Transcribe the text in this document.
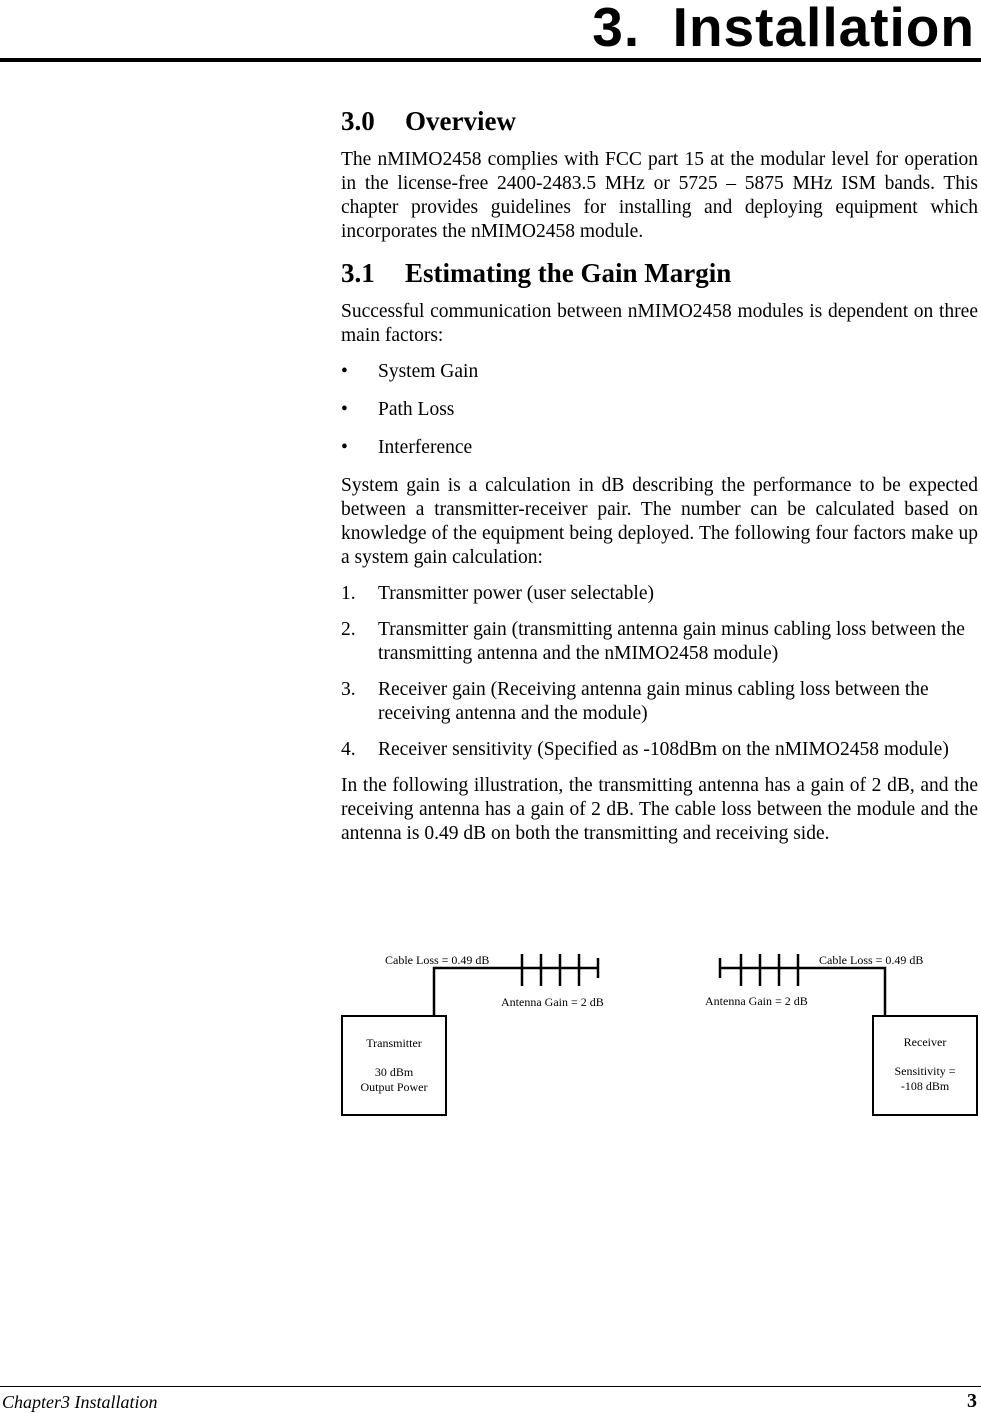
3.  Installation
3.0 Overview

The nMIMO2458 complies with FCC part 15 at the modular level for operation in the license-free 2400-2483.5 MHz or 5725 – 5875 MHz ISM bands. This chapter provides guidelines for installing and deploying equipment which incorporates the nMIMO2458 module.

3.1 Estimating the Gain Margin

Successful communication between nMIMO2458 modules is dependent on three main factors:

• System Gain
• Path Loss
• Interference

System gain is a calculation in dB describing the performance to be expected between a transmitter-receiver pair. The number can be calculated based on knowledge of the equipment being deployed. The following four factors make up a system gain calculation:

1. Transmitter power (user selectable)
2. Transmitter gain (transmitting antenna gain minus cabling loss between the transmitting antenna and the nMIMO2458 module)
3. Receiver gain (Receiving antenna gain minus cabling loss between the receiving antenna and the module)
4. Receiver sensitivity (Specified as -108dBm on the nMIMO2458 module)

In the following illustration, the transmitting antenna has a gain of 2 dB, and the receiving antenna has a gain of 2 dB. The cable loss between the module and the antenna is 0.49 dB on both the transmitting and receiving side.

Cable Loss = 0.49 dB
Antenna Gain = 2 dB
Cable Loss = 0.49 dB
Antenna Gain = 2 dB
Transmitter
30 dBm
Output Power
Receiver
Sensitivity =
-108 dBm
Chapter3 Installation	3
